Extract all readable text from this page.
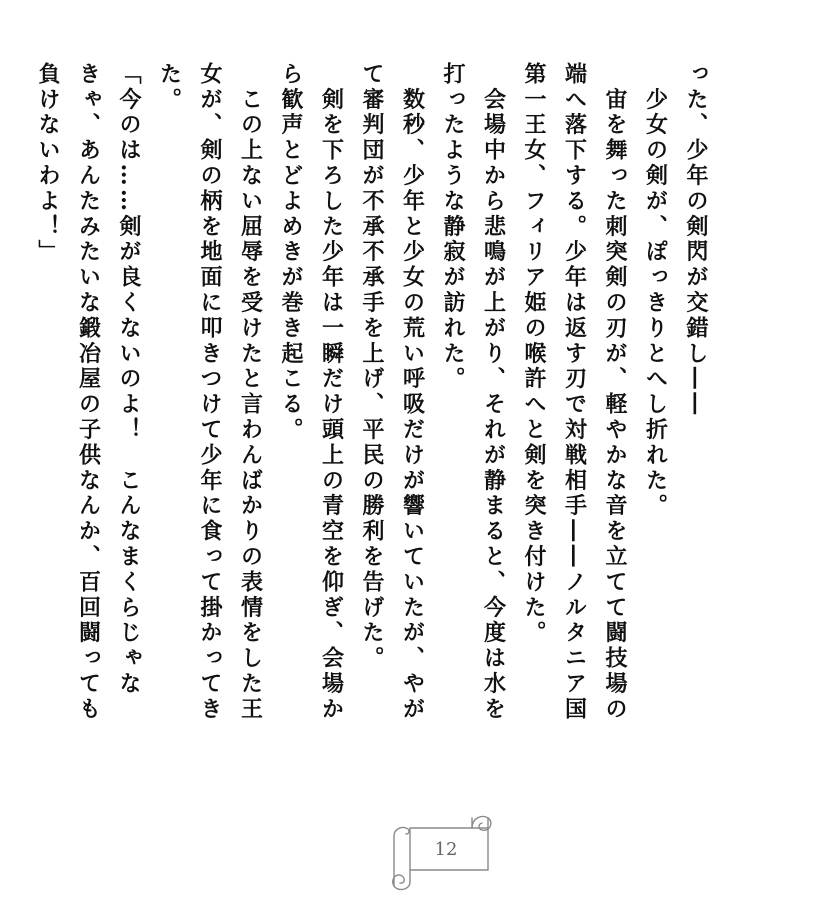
った、少年の剣閃が交錯し――
　少女の剣が、ぽっきりとへし折れた。
　宙を舞った刺突剣の刃が、軽やかな音を立てて闘技場の
端へ落下する。少年は返す刃で対戦相手――ノルタニア国
第一王女、フィリア姫の喉許へと剣を突き付けた。
　会場中から悲鳴が上がり、それが静まると、今度は水を
打ったような静寂が訪れた。
　数秒、少年と少女の荒い呼吸だけが響いていたが、やが
て審判団が不承不承手を上げ、平民の勝利を告げた。
　剣を下ろした少年は一瞬だけ頭上の青空を仰ぎ、会場か
ら歓声とどよめきが巻き起こる。
　この上ない屈辱を受けたと言わんばかりの表情をした王
女が、剣の柄を地面に叩きつけて少年に食って掛かってき
た。
「今のは……剣が良くないのよ！　こんなまくらじゃな
きゃ、あんたみたいな鍛冶屋の子供なんか、百回闘っても
負けないわよ！」
12
